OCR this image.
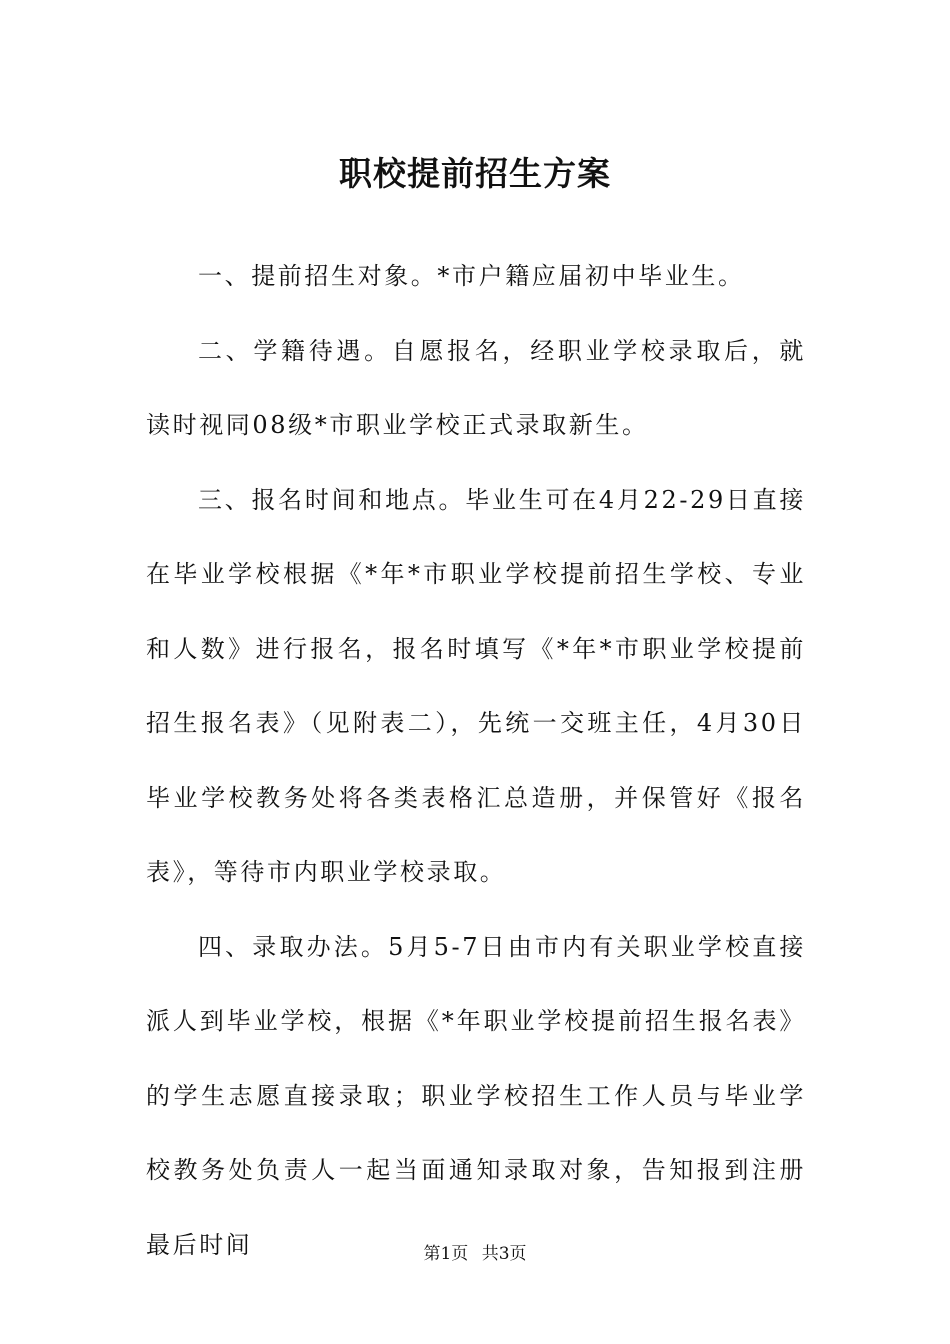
职校提前招生方案

一、提前招生对象。*市户籍应届初中毕业生。

二、学籍待遇。自愿报名，经职业学校录取后，就读时视同08级*市职业学校正式录取新生。

三、报名时间和地点。毕业生可在4月22-29日直接在毕业学校根据《*年*市职业学校提前招生学校、专业和人数》进行报名，报名时填写《*年*市职业学校提前招生报名表》（见附表二），先统一交班主任，4月30日毕业学校教务处将各类表格汇总造册，并保管好《报名表》，等待市内职业学校录取。

四、录取办法。5月5-7日由市内有关职业学校直接派人到毕业学校，根据《*年职业学校提前招生报名表》的学生志愿直接录取；职业学校招生工作人员与毕业学校教务处负责人一起当面通知录取对象，告知报到注册最后时间	第1页 共3页
